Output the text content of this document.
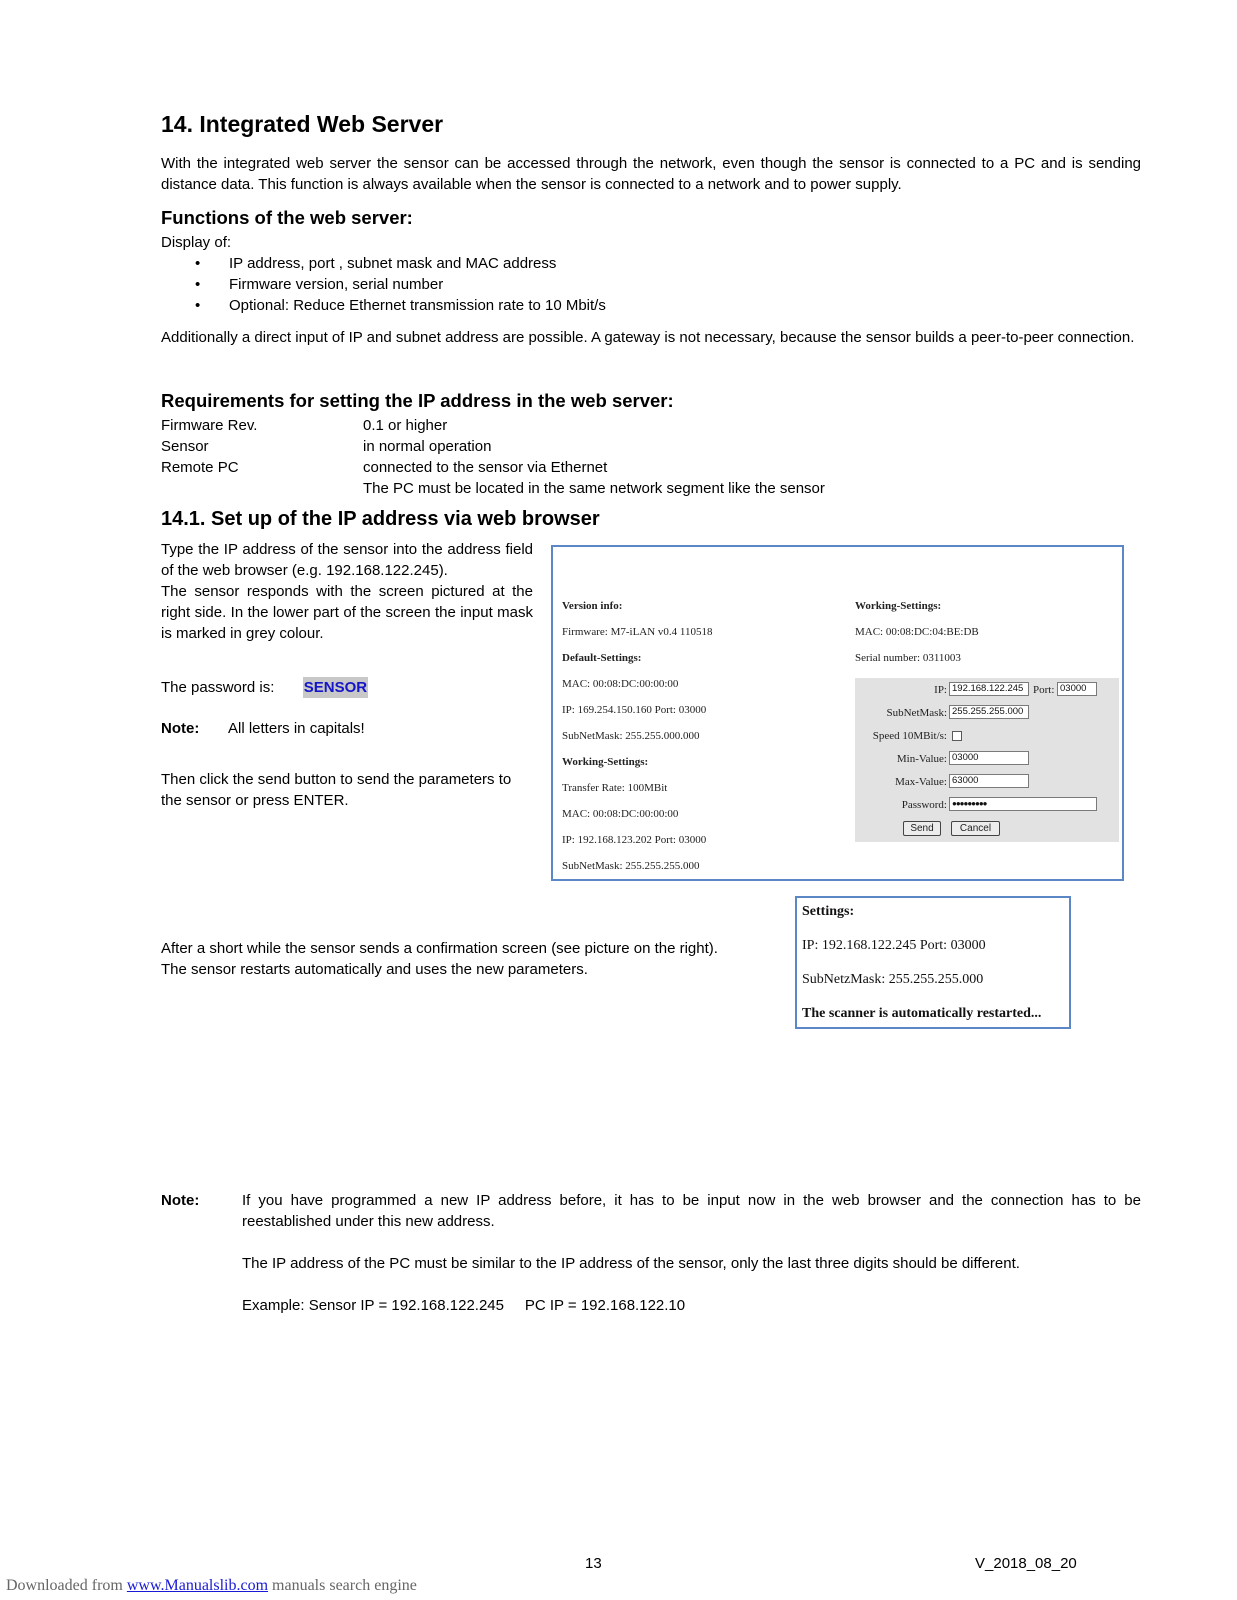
14. Integrated Web Server
With the integrated web server the sensor can be accessed through the network, even though the sensor is connected to a PC and is sending distance data. This function is always available when the sensor is connected to a network and to power supply.
Functions of the web server:
Display of:
• IP address, port , subnet mask and MAC address
• Firmware version, serial number
• Optional: Reduce Ethernet transmission rate to 10 Mbit/s
Additionally a direct input of IP and subnet address are possible. A gateway is not necessary, because the sensor builds a peer-to-peer connection.
Requirements for setting the IP address in the web server:
Firmware Rev.	0.1 or higher
Sensor	in normal operation
Remote PC	connected to the sensor via Ethernet
	The PC must be located in the same network segment like the sensor
14.1. Set up of the IP address via web browser
Type the IP address of the sensor into the address field of the web browser (e.g. 192.168.122.245).
The sensor responds with the screen pictured at the right side. In the lower part of the screen the input mask is marked in grey colour.
The password is: SENSOR
Note: All letters in capitals!
Then click the send button to send the parameters to the sensor or press ENTER.
Version info:
Firmware: M7-iLAN v0.4 110518
Default-Settings:
MAC: 00:08:DC:00:00:00
IP: 169.254.150.160 Port: 03000
SubNetMask: 255.255.000.000
Working-Settings:
Transfer Rate: 100MBit
MAC: 00:08:DC:00:00:00
IP: 192.168.123.202 Port: 03000
SubNetMask: 255.255.255.000
Working-Settings:
MAC: 00:08:DC:04:BE:DB
Serial number: 0311003
IP: 192.168.122.245 Port: 03000
SubNetMask: 255.255.255.000
Speed 10MBit/s:
Min-Value: 03000
Max-Value: 63000
Password: ●●●●●●●●●
Send	Cancel
After a short while the sensor sends a confirmation screen (see picture on the right).
The sensor restarts automatically and uses the new parameters.
Settings:
IP: 192.168.122.245 Port: 03000
SubNetzMask: 255.255.255.000
The scanner is automatically restarted...
Note:	If you have programmed a new IP address before, it has to be input now in the web browser and the connection has to be reestablished under this new address.
The IP address of the PC must be similar to the IP address of the sensor, only the last three digits should be different.
Example: Sensor IP = 192.168.122.245     PC IP = 192.168.122.10
13	V_2018_08_20
Downloaded from www.Manualslib.com manuals search engine
